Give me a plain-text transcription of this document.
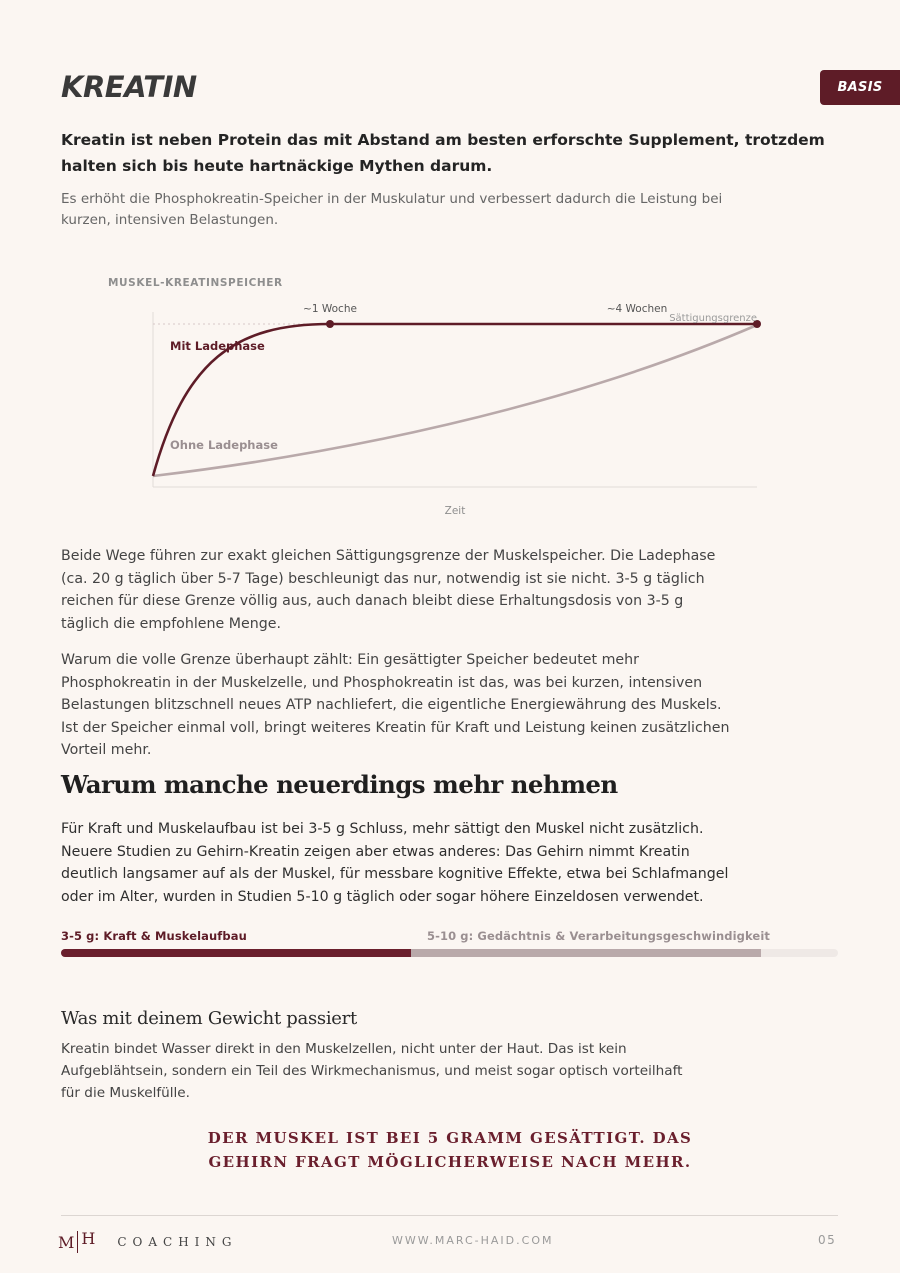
KREATIN	BASIS
Kreatin ist neben Protein das mit Abstand am besten erforschte Supplement, trotzdem halten sich bis heute hartnäckige Mythen darum.
Es erhöht die Phosphokreatin-Speicher in der Muskulatur und verbessert dadurch die Leistung bei kurzen, intensiven Belastungen.
MUSKEL-KREATINSPEICHER
~1 Woche	~4 Wochen
Sättigungsgrenze
Mit Ladephase
Ohne Ladephase
Zeit
Beide Wege führen zur exakt gleichen Sättigungsgrenze der Muskelspeicher. Die Ladephase (ca. 20 g täglich über 5-7 Tage) beschleunigt das nur, notwendig ist sie nicht. 3-5 g täglich reichen für diese Grenze völlig aus, auch danach bleibt diese Erhaltungsdosis von 3-5 g täglich die empfohlene Menge.
Warum die volle Grenze überhaupt zählt: Ein gesättigter Speicher bedeutet mehr Phosphokreatin in der Muskelzelle, und Phosphokreatin ist das, was bei kurzen, intensiven Belastungen blitzschnell neues ATP nachliefert, die eigentliche Energiewährung des Muskels. Ist der Speicher einmal voll, bringt weiteres Kreatin für Kraft und Leistung keinen zusätzlichen Vorteil mehr.
Warum manche neuerdings mehr nehmen
Für Kraft und Muskelaufbau ist bei 3-5 g Schluss, mehr sättigt den Muskel nicht zusätzlich. Neuere Studien zu Gehirn-Kreatin zeigen aber etwas anderes: Das Gehirn nimmt Kreatin deutlich langsamer auf als der Muskel, für messbare kognitive Effekte, etwa bei Schlafmangel oder im Alter, wurden in Studien 5-10 g täglich oder sogar höhere Einzeldosen verwendet.
3-5 g: Kraft & Muskelaufbau	5-10 g: Gedächtnis & Verarbeitungsgeschwindigkeit
Was mit deinem Gewicht passiert
Kreatin bindet Wasser direkt in den Muskelzellen, nicht unter der Haut. Das ist kein Aufgeblähtsein, sondern ein Teil des Wirkmechanismus, und meist sogar optisch vorteilhaft für die Muskelfülle.
DER MUSKEL IST BEI 5 GRAMM GESÄTTIGT. DAS
GEHIRN FRAGT MÖGLICHERWEISE NACH MEHR.
M H COACHING	WWW.MARC-HAID.COM	05
